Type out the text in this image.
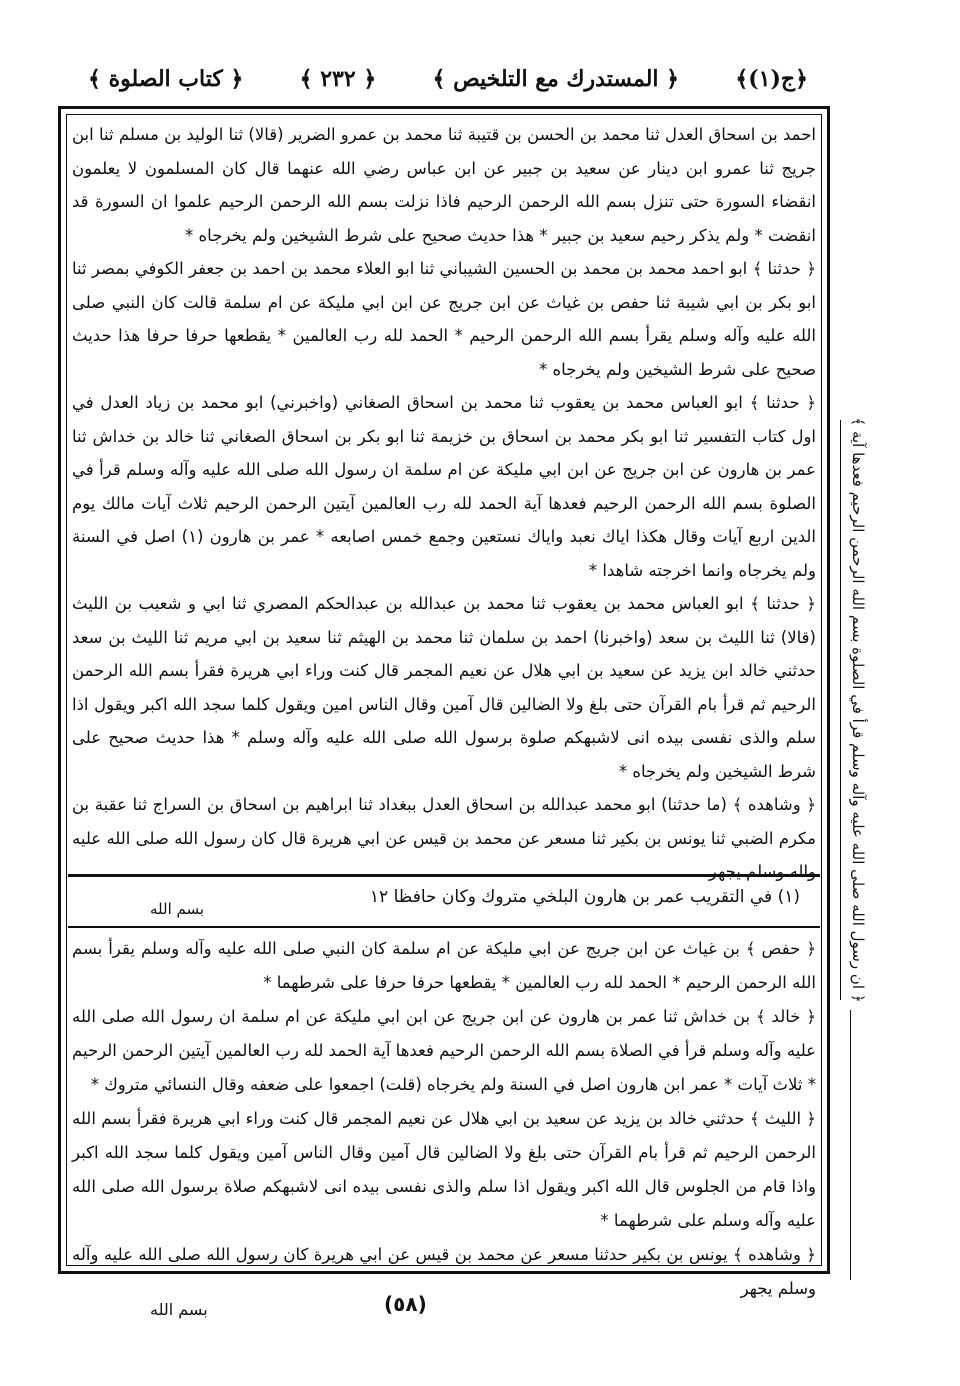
﴿ج(١)﴾
﴿ المستدرك مع التلخيص ﴾
﴿ ٢٣٢ ﴾
﴿ كتاب الصلوة ﴾

احمد بن اسحاق العدل ثنا محمد بن الحسن بن قتيبة ثنا محمد بن عمرو الضرير (قالا) ثنا الوليد بن مسلم ثنا ابن جريج ثنا عمرو ابن دينار عن سعيد بن جبير عن ابن عباس رضي الله عنهما قال كان المسلمون لا يعلمون انقضاء السورة حتى تنزل بسم الله الرحمن الرحيم فاذا نزلت بسم الله الرحمن الرحيم علموا ان السورة قد انقضت * ولم يذكر رحيم سعيد بن جبير * هذا حديث صحيح على شرط الشيخين ولم يخرجاه *

﴿ حدثنا ﴾ ابو احمد محمد بن محمد بن الحسين الشيباني ثنا ابو العلاء محمد بن احمد بن جعفر الكوفي بمصر ثنا ابو بكر بن ابي شيبة ثنا حفص بن غياث عن ابن جريج عن ابن ابي مليكة عن ام سلمة قالت كان النبي صلى الله عليه وآله وسلم يقرأ بسم الله الرحمن الرحيم * الحمد لله رب العالمين * يقطعها حرفا حرفا هذا حديث صحيح على شرط الشيخين ولم يخرجاه *

﴿ حدثنا ﴾ ابو العباس محمد بن يعقوب ثنا محمد بن اسحاق الصغاني (واخبرني) ابو محمد بن زياد العدل في اول كتاب التفسير ثنا ابو بكر محمد بن اسحاق بن خزيمة ثنا ابو بكر بن اسحاق الصغاني ثنا خالد بن خداش ثنا عمر بن هارون عن ابن جريج عن ابن ابي مليكة عن ام سلمة ان رسول الله صلى الله عليه وآله وسلم قرأ في الصلوة بسم الله الرحمن الرحيم فعدها آية الحمد لله رب العالمين آيتين الرحمن الرحيم ثلاث آيات مالك يوم الدين اربع آيات وقال هكذا اياك نعبد واياك نستعين وجمع خمس اصابعه * عمر بن هارون (١) اصل في السنة ولم يخرجاه وانما اخرجته شاهدا *

﴿ حدثنا ﴾ ابو العباس محمد بن يعقوب ثنا محمد بن عبدالله بن عبدالحكم المصري ثنا ابي و شعيب بن الليث (قالا) ثنا الليث بن سعد (واخبرنا) احمد بن سلمان ثنا محمد بن الهيثم ثنا سعيد بن ابي مريم ثنا الليث بن سعد حدثني خالد ابن يزيد عن سعيد بن ابي هلال عن نعيم المجمر قال كنت وراء ابي هريرة فقرأ بسم الله الرحمن الرحيم ثم قرأ بام القرآن حتى بلغ ولا الضالين قال آمين وقال الناس امين ويقول كلما سجد الله اكبر ويقول اذا سلم والذى نفسى بيده انى لاشبهكم صلوة برسول الله صلى الله عليه وآله وسلم * هذا حديث صحيح على شرط الشيخين ولم يخرجاه *

﴿ وشاهده ﴾ (ما حدثنا) ابو محمد عبدالله بن اسحاق العدل ببغداد ثنا ابراهيم بن اسحاق بن السراج ثنا عقبة بن مكرم الضبي ثنا يونس بن بكير ثنا مسعر عن محمد بن قيس عن ابي هريرة قال كان رسول الله صلى الله عليه واله وسلم يجهر

(١) في التقريب عمر بن هارون البلخي متروك وكان حافظا ١٢
بسم الله

﴿ حفص ﴾ بن غياث عن ابن جريج عن ابي مليكة عن ام سلمة كان النبي صلى الله عليه وآله وسلم يقرأ بسم الله الرحمن الرحيم * الحمد لله رب العالمين * يقطعها حرفا حرفا على شرطهما *

﴿ خالد ﴾ بن خداش ثنا عمر بن هارون عن ابن جريج عن ابن ابي مليكة عن ام سلمة ان رسول الله صلى الله عليه وآله وسلم قرأ في الصلاة بسم الله الرحمن الرحيم فعدها آية الحمد لله رب العالمين آيتين الرحمن الرحيم * ثلاث آيات * عمر ابن هارون اصل في السنة ولم يخرجاه (قلت) اجمعوا على ضعفه وقال النسائي متروك *

﴿ الليث ﴾ حدثني خالد بن يزيد عن سعيد بن ابي هلال عن نعيم المجمر قال كنت وراء ابي هريرة فقرأ بسم الله الرحمن الرحيم ثم قرأ بام القرآن حتى بلغ ولا الضالين قال آمين وقال الناس آمين ويقول كلما سجد الله اكبر واذا قام من الجلوس قال الله اكبر ويقول اذا سلم والذى نفسى بيده انى لاشبهكم صلاة برسول الله صلى الله عليه وآله وسلم على شرطهما *

﴿ وشاهده ﴾ يونس بن بكير حدثنا مسعر عن محمد بن قيس عن ابي هريرة كان رسول الله صلى الله عليه وآله وسلم يجهر

﴿ ان رسول الله صلى الله عليه وآله وسلم قرأ في الصلوة بسم الله الرحمن الرحيم فعدها آية ﴾
بسم الله	(٥٨)
